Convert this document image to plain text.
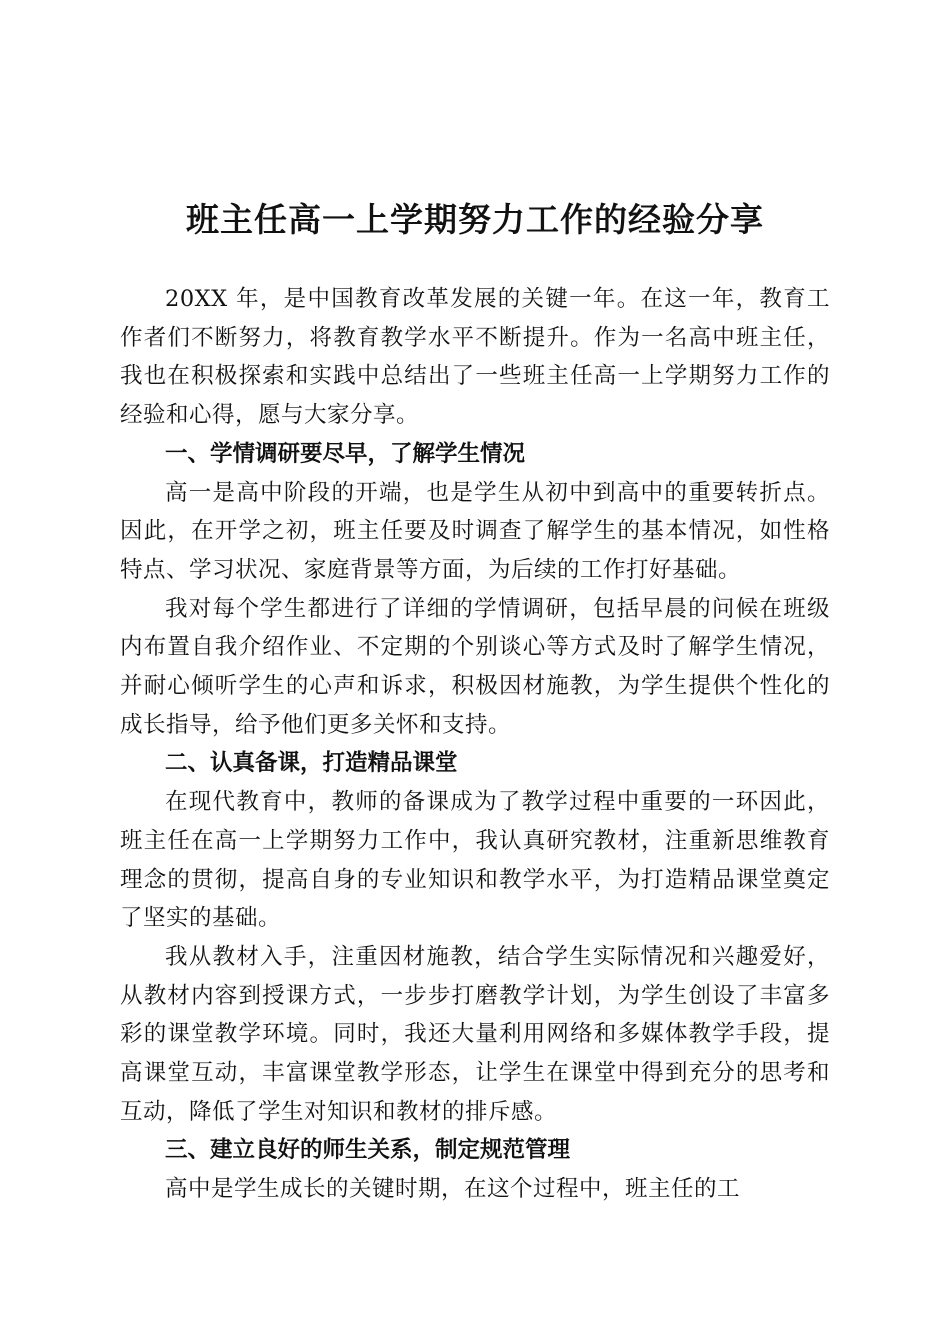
班主任高一上学期努力工作的经验分享

20XX 年，是中国教育改革发展的关键一年。在这一年，教育工作者们不断努力，将教育教学水平不断提升。作为一名高中班主任，我也在积极探索和实践中总结出了一些班主任高一上学期努力工作的经验和心得，愿与大家分享。

一、学情调研要尽早，了解学生情况

高一是高中阶段的开端，也是学生从初中到高中的重要转折点。因此，在开学之初，班主任要及时调查了解学生的基本情况，如性格特点、学习状况、家庭背景等方面，为后续的工作打好基础。

我对每个学生都进行了详细的学情调研，包括早晨的问候在班级内布置自我介绍作业、不定期的个别谈心等方式及时了解学生情况，并耐心倾听学生的心声和诉求，积极因材施教，为学生提供个性化的成长指导，给予他们更多关怀和支持。

二、认真备课，打造精品课堂

在现代教育中，教师的备课成为了教学过程中重要的一环因此，班主任在高一上学期努力工作中，我认真研究教材，注重新思维教育理念的贯彻，提高自身的专业知识和教学水平，为打造精品课堂奠定了坚实的基础。

我从教材入手，注重因材施教，结合学生实际情况和兴趣爱好，从教材内容到授课方式，一步步打磨教学计划，为学生创设了丰富多彩的课堂教学环境。同时，我还大量利用网络和多媒体教学手段，提高课堂互动，丰富课堂教学形态，让学生在课堂中得到充分的思考和互动，降低了学生对知识和教材的排斥感。

三、建立良好的师生关系，制定规范管理

高中是学生成长的关键时期，在这个过程中，班主任的工
